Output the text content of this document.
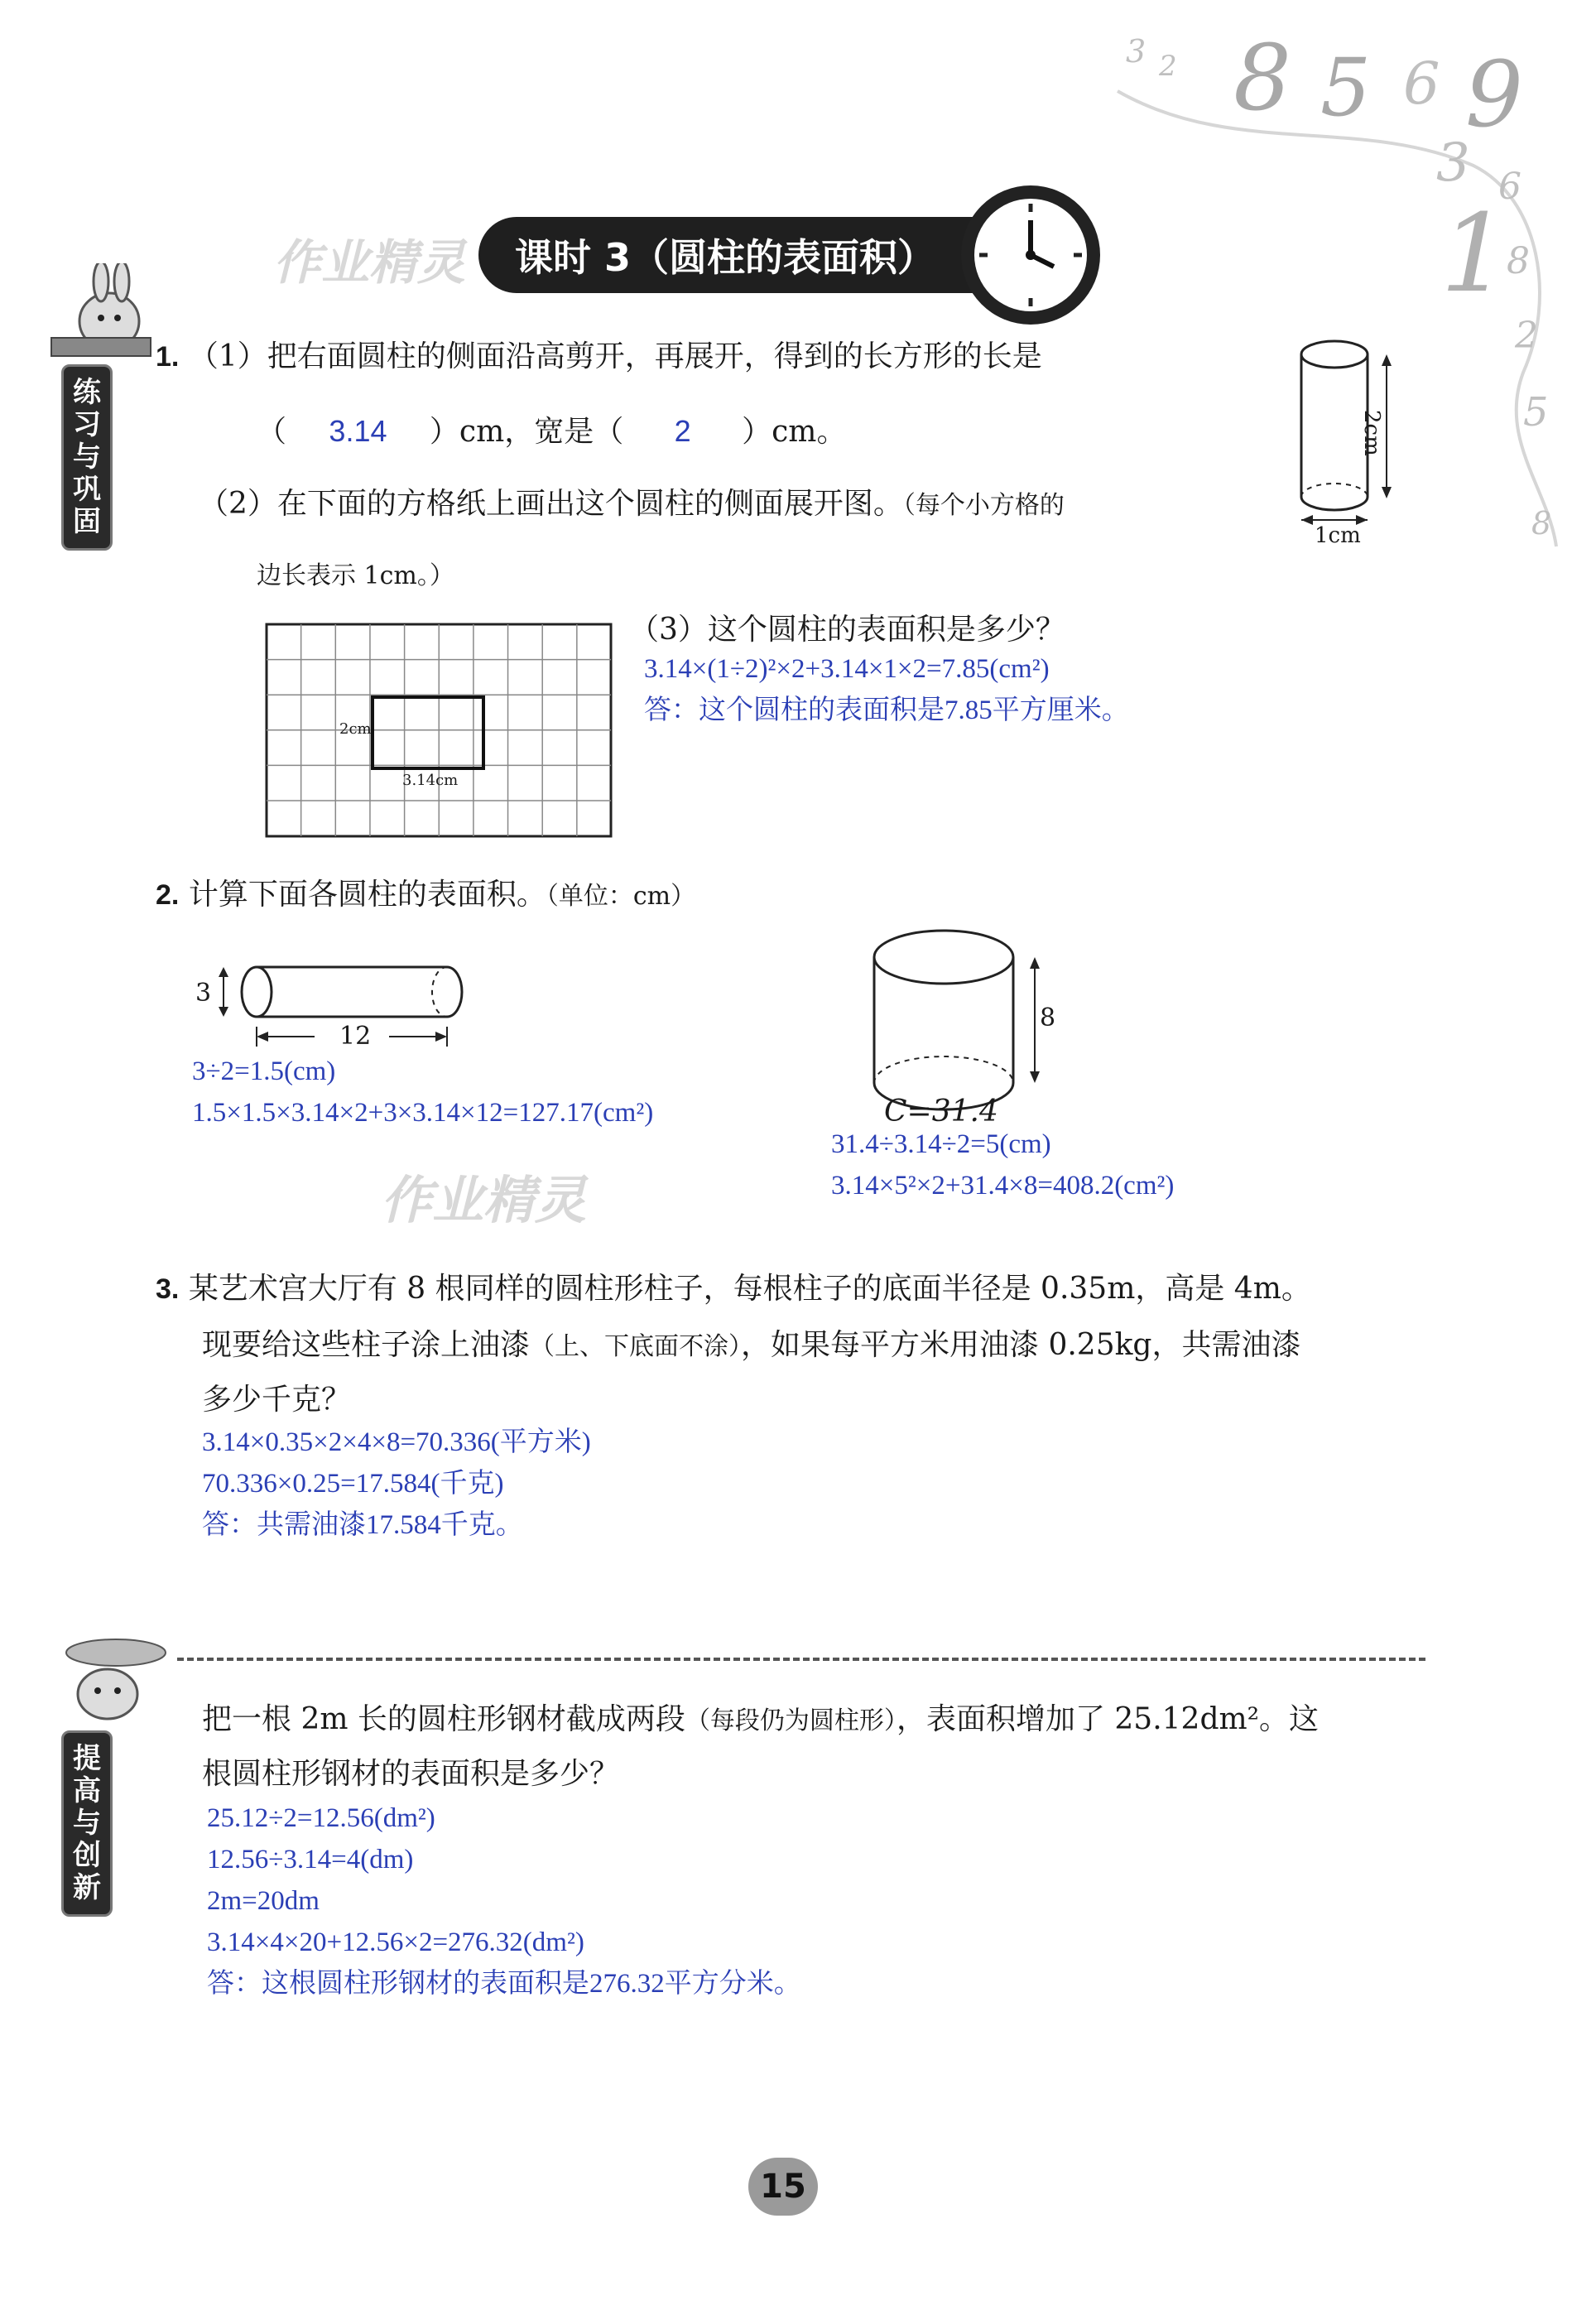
3 2 8 5 6 9
3 6
1
8
2
5
8
作业精灵 课时 3（圆柱的表面积）
练习与巩固
1. （1）把右面圆柱的侧面沿高剪开，再展开，得到的长方形的长是
（ 3.14 ）cm，宽是（ 2 ）cm。
（2）在下面的方格纸上画出这个圆柱的侧面展开图。（每个小方格的
边长表示 1cm。）
2cm
1cm
2cm
3.14cm
（3）这个圆柱的表面积是多少？
3.14×(1÷2)²×2+3.14×1×2=7.85(cm²)
答：这个圆柱的表面积是7.85平方厘米。
2. 计算下面各圆柱的表面积。（单位：cm）
3
12
3÷2=1.5(cm)
1.5×1.5×3.14×2+3×3.14×12=127.17(cm²)
8
C=31.4
31.4÷3.14÷2=5(cm)
3.14×5²×2+31.4×8=408.2(cm²)
作业精灵
3. 某艺术宫大厅有 8 根同样的圆柱形柱子，每根柱子的底面半径是 0.35m，高是 4m。
现要给这些柱子涂上油漆（上、下底面不涂），如果每平方米用油漆 0.25kg，共需油漆
多少千克？
3.14×0.35×2×4×8=70.336(平方米)
70.336×0.25=17.584(千克)
答：共需油漆17.584千克。
提高与创新
把一根 2m 长的圆柱形钢材截成两段（每段仍为圆柱形），表面积增加了 25.12dm²。这
根圆柱形钢材的表面积是多少？
25.12÷2=12.56(dm²)
12.56÷3.14=4(dm)
2m=20dm
3.14×4×20+12.56×2=276.32(dm²)
答：这根圆柱形钢材的表面积是276.32平方分米。
15
